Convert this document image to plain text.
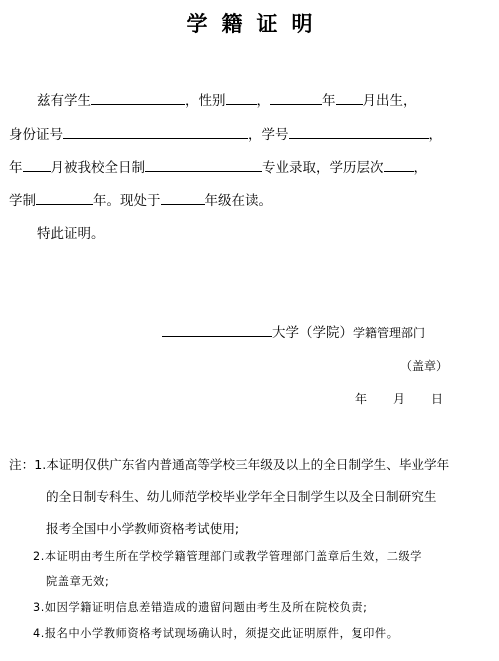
学籍证明
兹有学生	，性别 ，	年 月出生，
身份证号	，学号	，
年 月被我校全日制	专业录取，学历层次 ，
学制	年。现处于	年级在读。
特此证明。
大学（学院）学籍管理部门
（盖章）
年 月 日
注：1.本证明仅供广东省内普通高等学校三年级及以上的全日制学生、毕业学年
的全日制专科生、幼儿师范学校毕业学年全日制学生以及全日制研究生
报考全国中小学教师资格考试使用;
2.本证明由考生所在学校学籍管理部门或教学管理部门盖章后生效，二级学
院盖章无效;
3.如因学籍证明信息差错造成的遗留问题由考生及所在院校负责;
4.报名中小学教师资格考试现场确认时，须提交此证明原件，复印件。
